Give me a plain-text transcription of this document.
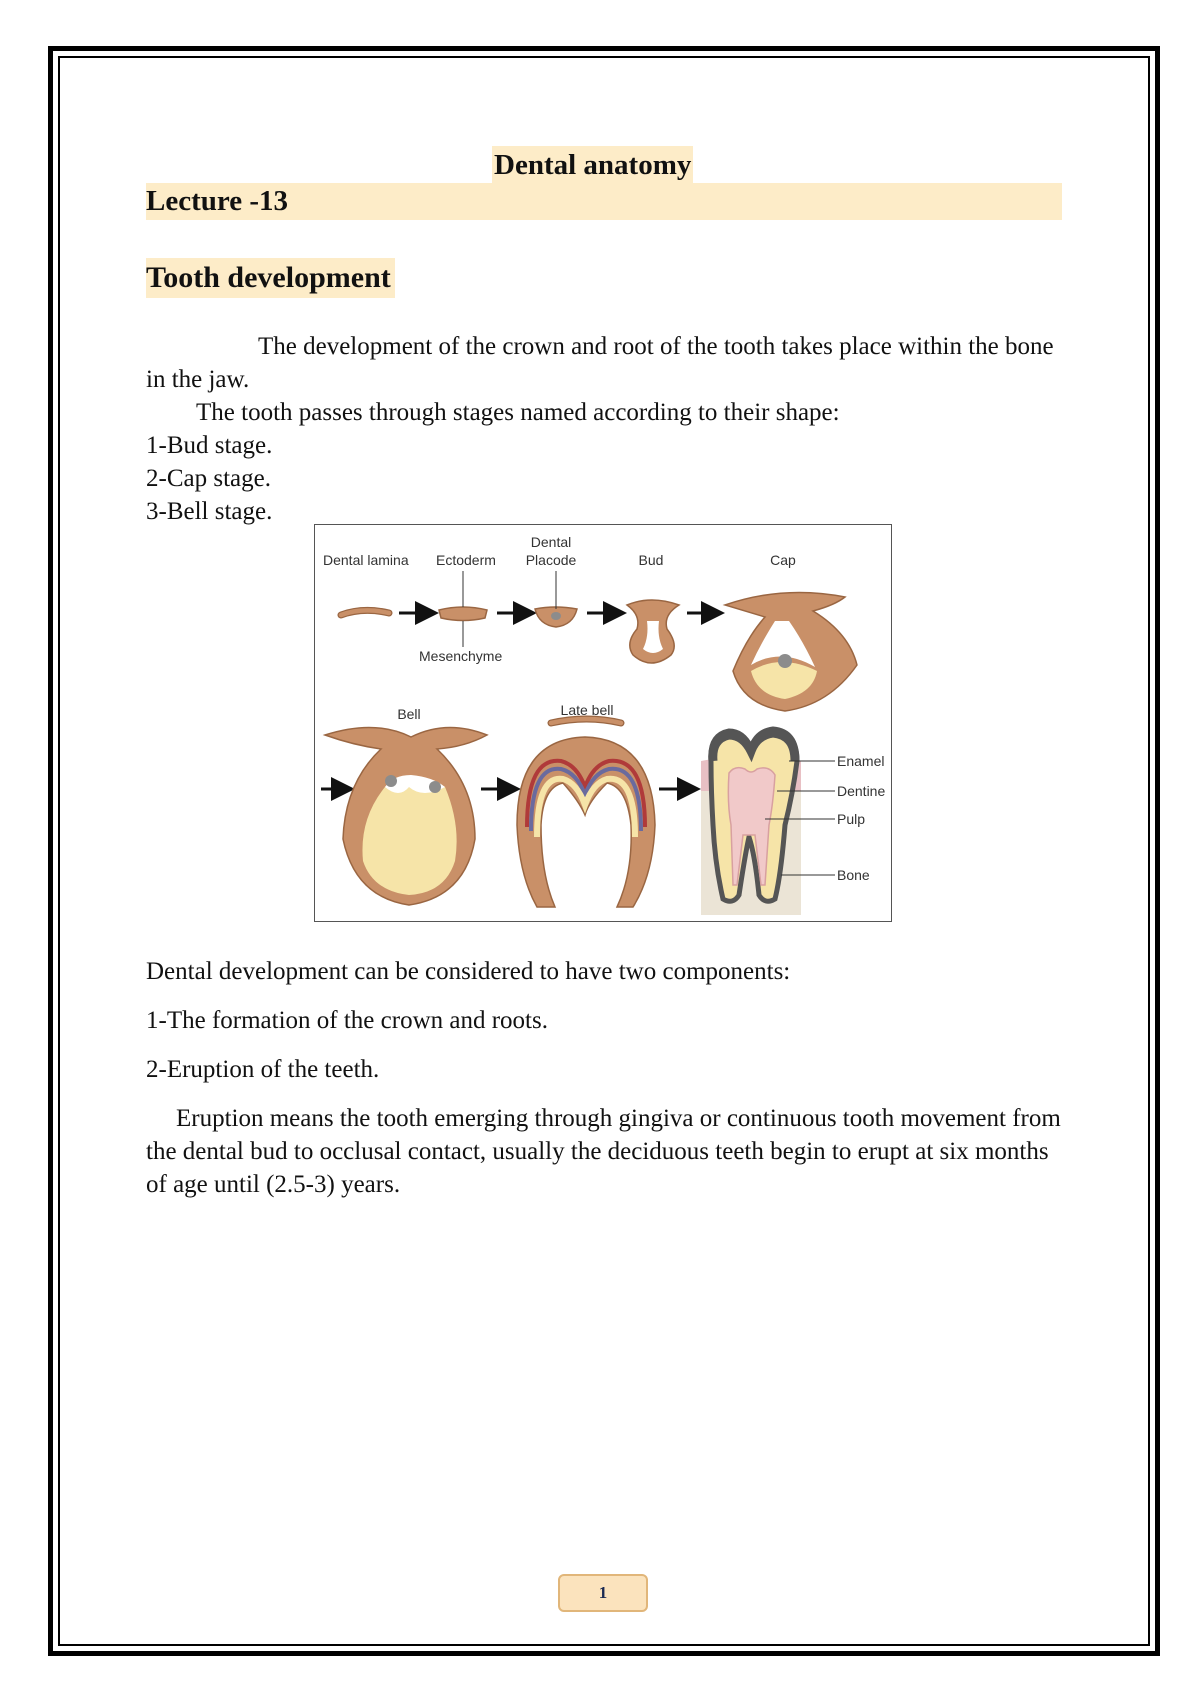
Dental anatomy
Lecture -13
Tooth development

The development of the crown and root of the tooth takes place within the bone in the jaw.

The tooth passes through stages named according to their shape:

1-Bud stage.
2-Cap stage.
3-Bell stage.
Dental lamina Ectoderm
Dental
Placode	Bud	Cap
Mesenchyme
Bell	Late bell
Enamel
Dentine
Pulp
Bone

Dental development can be considered to have two components:

1-The formation of the crown and roots.

2-Eruption of the teeth.

Eruption means the tooth emerging through gingiva or continuous tooth movement from the dental bud to occlusal contact, usually the deciduous teeth begin to erupt at six months of age until (2.5-3) years.

1
